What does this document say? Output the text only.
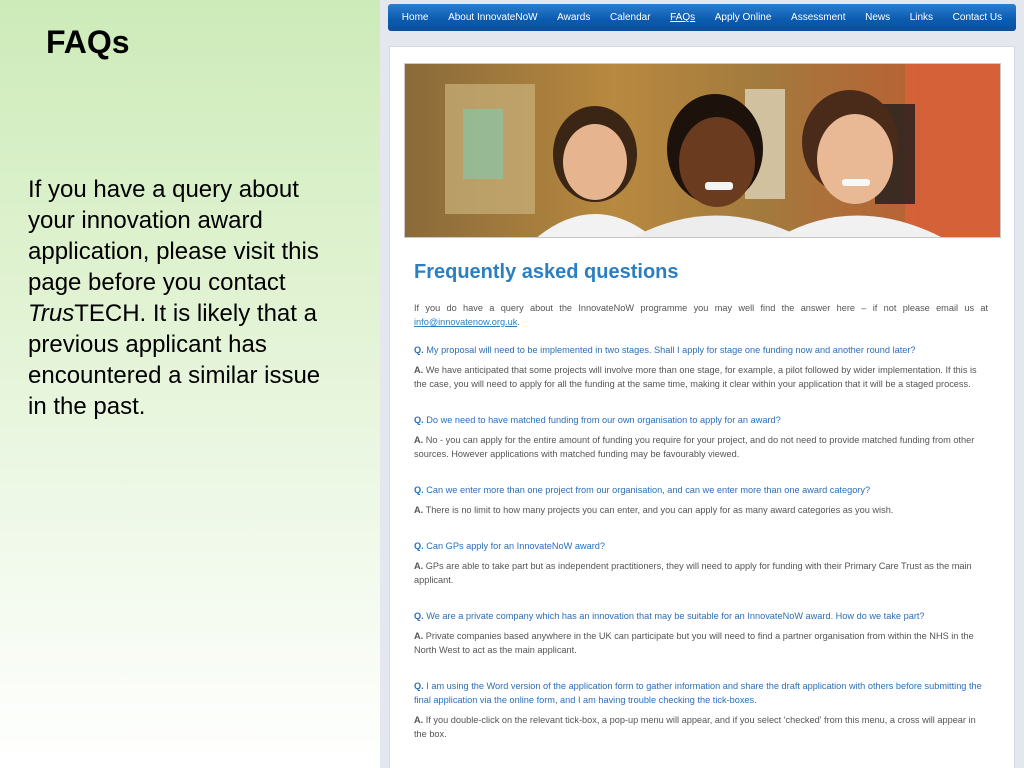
FAQs
If you have a query about your innovation award application, please visit this page before you contact TrusTECH. It is likely that a previous applicant has encountered a similar issue in the past.
Home About InnovateNoW Awards Calendar FAQs Apply Online Assessment News Links Contact Us
Frequently asked questions

If you do have a query about the InnovateNoW programme you may well find the answer here – if not please email us at info@innovatenow.org.uk.

Q. My proposal will need to be implemented in two stages. Shall I apply for stage one funding now and another round later?

A. We have anticipated that some projects will involve more than one stage, for example, a pilot followed by wider implementation. If this is the case, you will need to apply for all the funding at the same time, making it clear within your application that it will be a staged process.

Q. Do we need to have matched funding from our own organisation to apply for an award?

A. No - you can apply for the entire amount of funding you require for your project, and do not need to provide matched funding from other sources. However applications with matched funding may be favourably viewed.

Q. Can we enter more than one project from our organisation, and can we enter more than one award category?

A. There is no limit to how many projects you can enter, and you can apply for as many award categories as you wish.

Q. Can GPs apply for an InnovateNoW award?

A. GPs are able to take part but as independent practitioners, they will need to apply for funding with their Primary Care Trust as the main applicant.

Q. We are a private company which has an innovation that may be suitable for an InnovateNoW award. How do we take part?

A. Private companies based anywhere in the UK can participate but you will need to find a partner organisation from within the NHS in the North West to act as the main applicant.

Q. I am using the Word version of the application form to gather information and share the draft application with others before submitting the final application via the online form, and I am having trouble checking the tick-boxes.

A. If you double-click on the relevant tick-box, a pop-up menu will appear, and if you select 'checked' from this menu, a cross will appear in the box.
